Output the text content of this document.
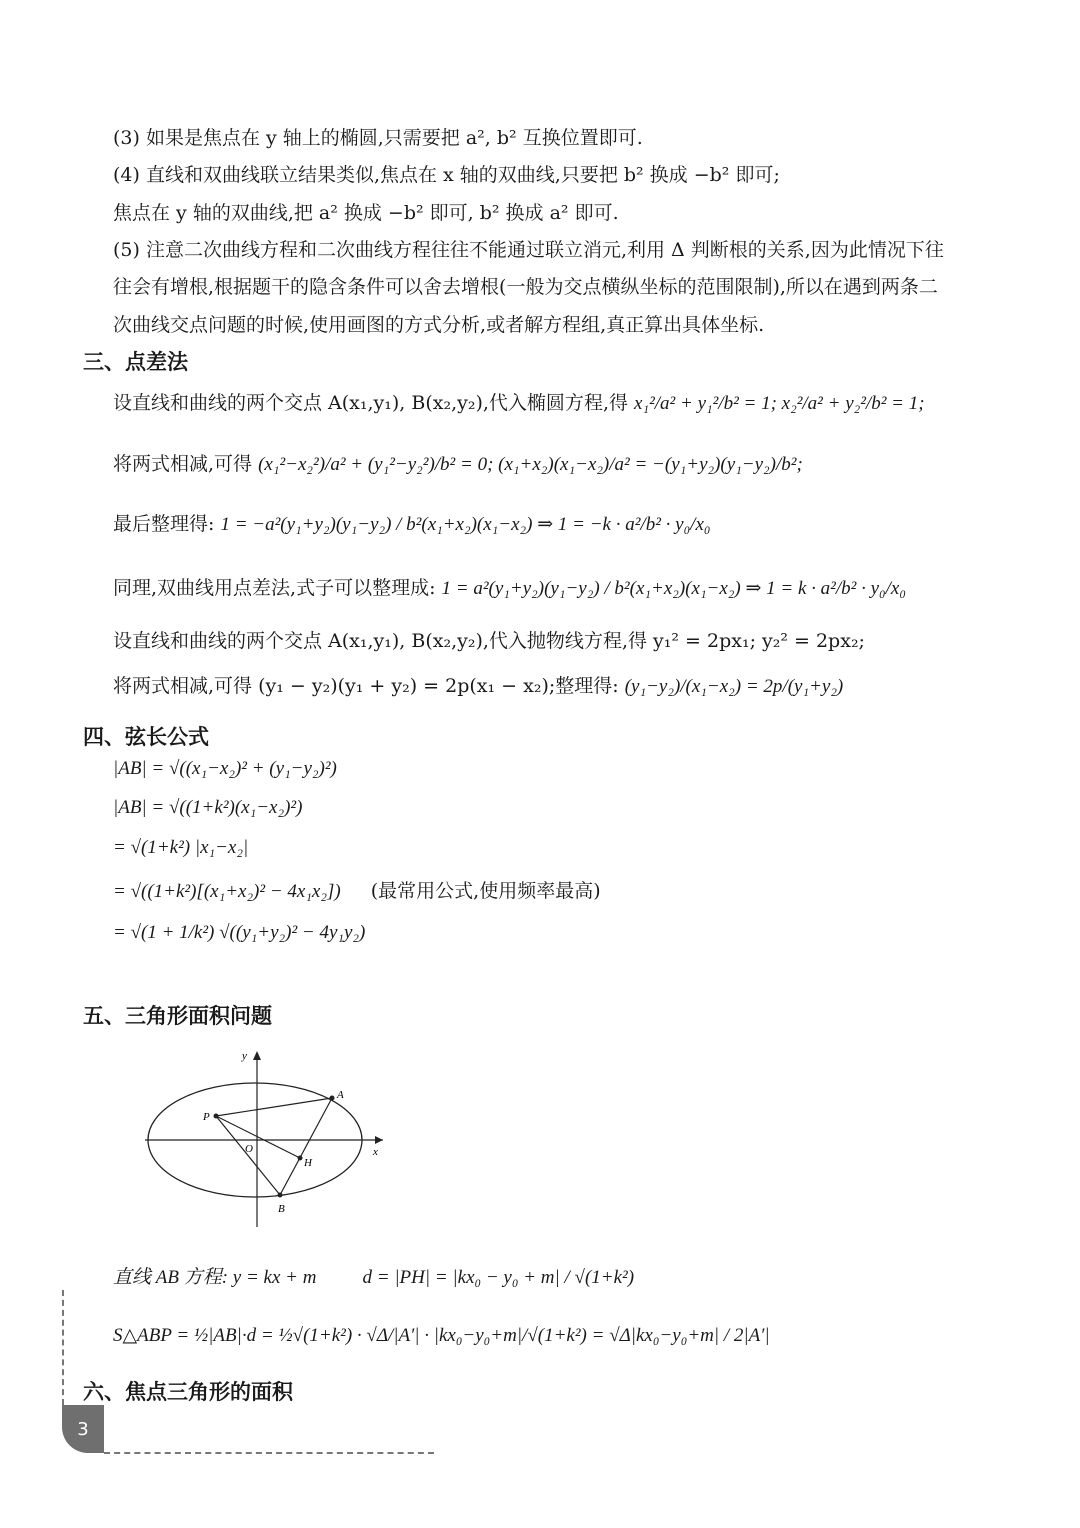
(3) 如果是焦点在 y 轴上的椭圆,只需要把 a², b² 互换位置即可.
(4) 直线和双曲线联立结果类似,焦点在 x 轴的双曲线,只要把 b² 换成 −b² 即可;
焦点在 y 轴的双曲线,把 a² 换成 −b² 即可, b² 换成 a² 即可.
(5) 注意二次曲线方程和二次曲线方程往往不能通过联立消元,利用 Δ 判断根的关系,因为此情况下往
往会有增根,根据题干的隐含条件可以舍去增根(一般为交点横纵坐标的范围限制),所以在遇到两条二
次曲线交点问题的时候,使用画图的方式分析,或者解方程组,真正算出具体坐标.
三、点差法
设直线和曲线的两个交点 A(x₁,y₁), B(x₂,y₂),代入椭圆方程,得 x₁²/a² + y₁²/b² = 1; x₂²/a² + y₂²/b² = 1;
将两式相减,可得 (x₁²−x₂²)/a² + (y₁²−y₂²)/b² = 0; (x₁+x₂)(x₁−x₂)/a² = −(y₁+y₂)(y₁−y₂)/b²;
最后整理得: 1 = −a²(y₁+y₂)(y₁−y₂) / b²(x₁+x₂)(x₁−x₂) ⇒ 1 = −k · a²/b² · y₀/x₀
同理,双曲线用点差法,式子可以整理成: 1 = a²(y₁+y₂)(y₁−y₂) / b²(x₁+x₂)(x₁−x₂) ⇒ 1 = k · a²/b² · y₀/x₀
设直线和曲线的两个交点 A(x₁,y₁), B(x₂,y₂),代入抛物线方程,得 y₁² = 2px₁; y₂² = 2px₂;
将两式相减,可得 (y₁ − y₂)(y₁ + y₂) = 2p(x₁ − x₂);整理得: (y₁−y₂)/(x₁−x₂) = 2p/(y₁+y₂)
四、弦长公式
|AB| = √((x₁−x₂)² + (y₁−y₂)²)
|AB| = √((1+k²)(x₁−x₂)²)
= √(1+k²) |x₁−x₂|
= √((1+k²)[(x₁+x₂)² − 4x₁x₂]) (最常用公式,使用频率最高)
= √(1 + 1/k²) √((y₁+y₂)² − 4y₁y₂)
五、三角形面积问题
y
x
O
P
A
B
H
直线 AB 方程: y = kx + m d = |PH| = |kx₀ − y₀ + m| / √(1+k²)
S△ABP = ½|AB|·d = ½√(1+k²) · √Δ/|A′| · |kx₀−y₀+m|/√(1+k²) = √Δ|kx₀−y₀+m| / 2|A′|
六、焦点三角形的面积
3
